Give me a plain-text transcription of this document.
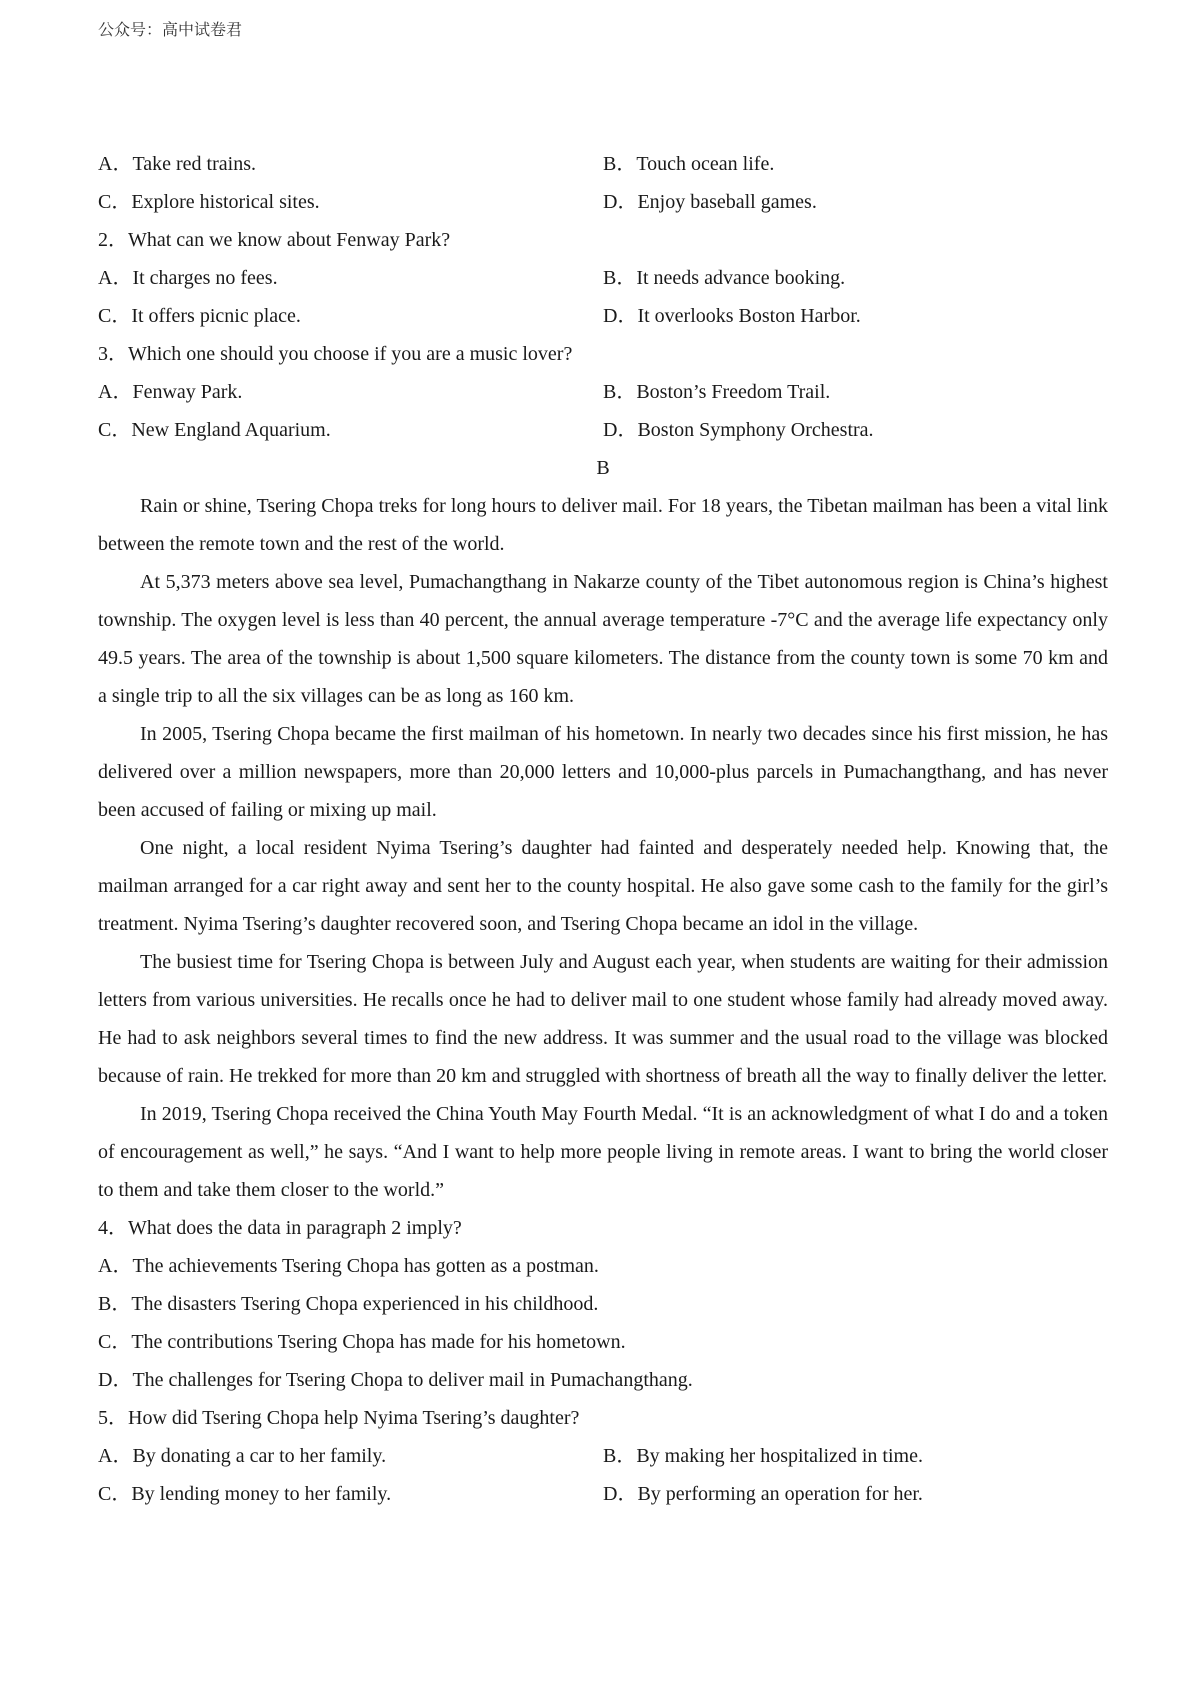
公众号：高中试卷君
A．Take red trains.	B．Touch ocean life.
C．Explore historical sites.	D．Enjoy baseball games.
2．What can we know about Fenway Park?
A．It charges no fees.	B．It needs advance booking.
C．It offers picnic place.	D．It overlooks Boston Harbor.
3．Which one should you choose if you are a music lover?
A．Fenway Park.	B．Boston’s Freedom Trail.
C．New England Aquarium.	D．Boston Symphony Orchestra.
B

Rain or shine, Tsering Chopa treks for long hours to deliver mail. For 18 years, the Tibetan mailman has been a vital link between the remote town and the rest of the world.

At 5,373 meters above sea level, Pumachangthang in Nakarze county of the Tibet autonomous region is China’s highest township. The oxygen level is less than 40 percent, the annual average temperature -7°C and the average life expectancy only 49.5 years. The area of the township is about 1,500 square kilometers. The distance from the county town is some 70 km and a single trip to all the six villages can be as long as 160 km.

In 2005, Tsering Chopa became the first mailman of his hometown. In nearly two decades since his first mission, he has delivered over a million newspapers, more than 20,000 letters and 10,000-plus parcels in Pumachangthang, and has never been accused of failing or mixing up mail.

One night, a local resident Nyima Tsering’s daughter had fainted and desperately needed help. Knowing that, the mailman arranged for a car right away and sent her to the county hospital. He also gave some cash to the family for the girl’s treatment. Nyima Tsering’s daughter recovered soon, and Tsering Chopa became an idol in the village.

The busiest time for Tsering Chopa is between July and August each year, when students are waiting for their admission letters from various universities. He recalls once he had to deliver mail to one student whose family had already moved away. He had to ask neighbors several times to find the new address. It was summer and the usual road to the village was blocked because of rain. He trekked for more than 20 km and struggled with shortness of breath all the way to finally deliver the letter.

In 2019, Tsering Chopa received the China Youth May Fourth Medal. “It is an acknowledgment of what I do and a token of encouragement as well,” he says. “And I want to help more people living in remote areas. I want to bring the world closer to them and take them closer to the world.”

4．What does the data in paragraph 2 imply?
A．The achievements Tsering Chopa has gotten as a postman.
B．The disasters Tsering Chopa experienced in his childhood.
C．The contributions Tsering Chopa has made for his hometown.
D．The challenges for Tsering Chopa to deliver mail in Pumachangthang.
5．How did Tsering Chopa help Nyima Tsering’s daughter?
A．By donating a car to her family.	B．By making her hospitalized in time.
C．By lending money to her family.	D．By performing an operation for her.
